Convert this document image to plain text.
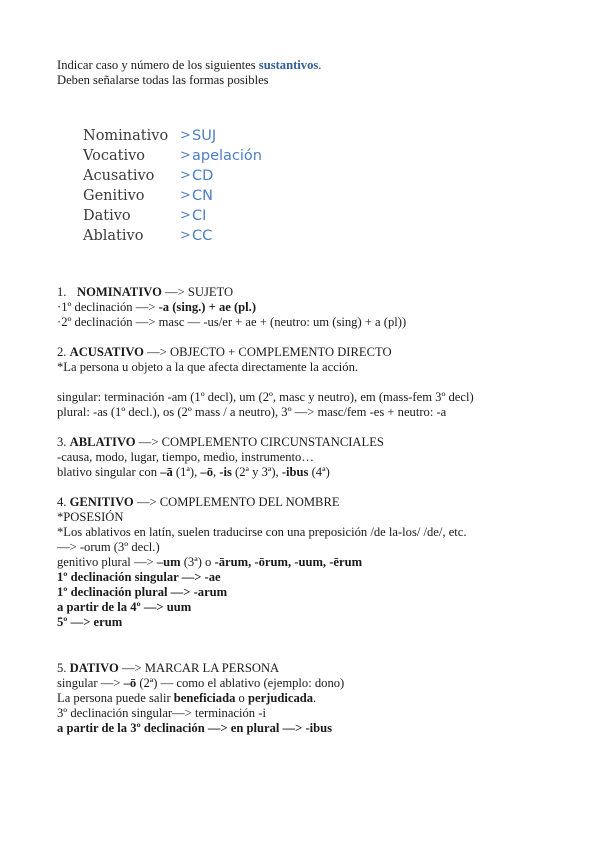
Indicar caso y número de los siguientes sustantivos.
Deben señalarse todas las formas posibles
Nominativo > SUJ
Vocativo	> apelación
Acusativo	> CD
Genitivo	> CN
Dativo	> CI
Ablativo	> CC
1. NOMINATIVO —> SUJETO
·1º declinación —> -a (sing.) + ae (pl.)
·2º declinación —> masc — -us/er + ae + (neutro: um (sing) + a (pl))
2. ACUSATIVO —> OBJECTO + COMPLEMENTO DIRECTO
*La persona u objeto a la que afecta directamente la acción.
singular: terminación -am (1º decl), um (2º, masc y neutro), em (mass-fem 3º decl)
plural: -as (1º decl.), os (2º mass / a neutro), 3º —> masc/fem -es + neutro: -a
3. ABLATIVO —> COMPLEMENTO CIRCUNSTANCIALES
-causa, modo, lugar, tiempo, medio, instrumento…
blativo singular con –ā (1ª), –ō, -is (2ª y 3ª), -ibus (4ª)
4. GENITIVO —> COMPLEMENTO DEL NOMBRE
*POSESIÓN
*Los ablativos en latín, suelen traducirse con una preposición /de la-los/ /de/, etc.
—> -orum (3º decl.)
genitivo plural —> –um (3ª) o -ārum, -ōrum, -uum, -ērum
1º declinación singular —> -ae
1º declinación plural —> -arum
a partir de la 4º —> uum
5º —> erum
5. DATIVO —> MARCAR LA PERSONA
singular —> –ō (2ª) — como el ablativo (ejemplo: dono)
La persona puede salir beneficiada o perjudicada.
3º declinación singular—> terminación -i
a partir de la 3º declinación —> en plural —> -ibus
